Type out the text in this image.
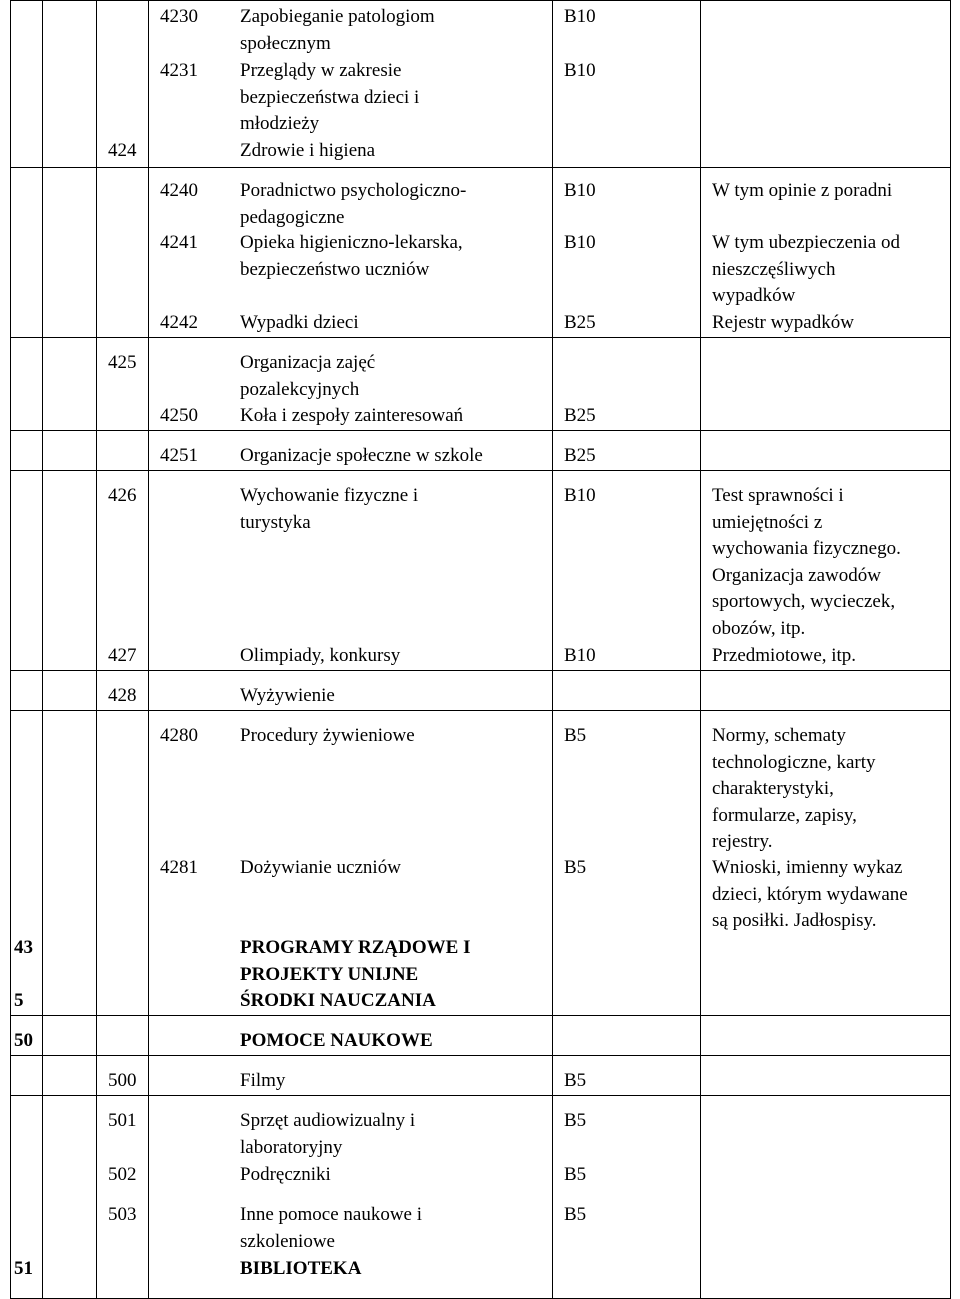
4230 Zapobieganie patologiom
społecznym
B10
4231 Przeglądy w zakresie
bezpieczeństwa dzieci i
młodzieży
B10
424	Zdrowie i higiena
4240 Poradnictwo psychologiczno-
pedagogiczne
B10	W tym opinie z poradni
4241 Opieka higieniczno-lekarska,
bezpieczeństwo uczniów
B10	W tym ubezpieczenia od
nieszczęśliwych
wypadków
4242 Wypadki dzieci	B25	Rejestr wypadków
425	Organizacja zajęć
pozalekcyjnych
4250 Koła i zespoły zainteresowań	B25
4251 Organizacje społeczne w szkole	B25
426	Wychowanie fizyczne i
turystyka
B10	Test sprawności i
umiejętności z
wychowania fizycznego.
Organizacja zawodów
sportowych, wycieczek,
obozów, itp.
427	Olimpiady, konkursy	B10	Przedmiotowe, itp.
428	Wyżywienie
4280 Procedury żywieniowe	B5	Normy, schematy
technologiczne, karty
charakterystyki,
formularze, zapisy,
rejestry.
4281 Dożywianie uczniów	B5	Wnioski, imienny wykaz
dzieci, którym wydawane
są posiłki. Jadłospisy.
43	PROGRAMY RZĄDOWE I
PROJEKTY UNIJNE
5	ŚRODKI NAUCZANIA
50	POMOCE NAUKOWE
500	Filmy	B5
501	Sprzęt audiowizualny i
laboratoryjny
B5
502	Podręczniki	B5
503	Inne pomoce naukowe i
szkoleniowe
B5
51	BIBLIOTEKA
